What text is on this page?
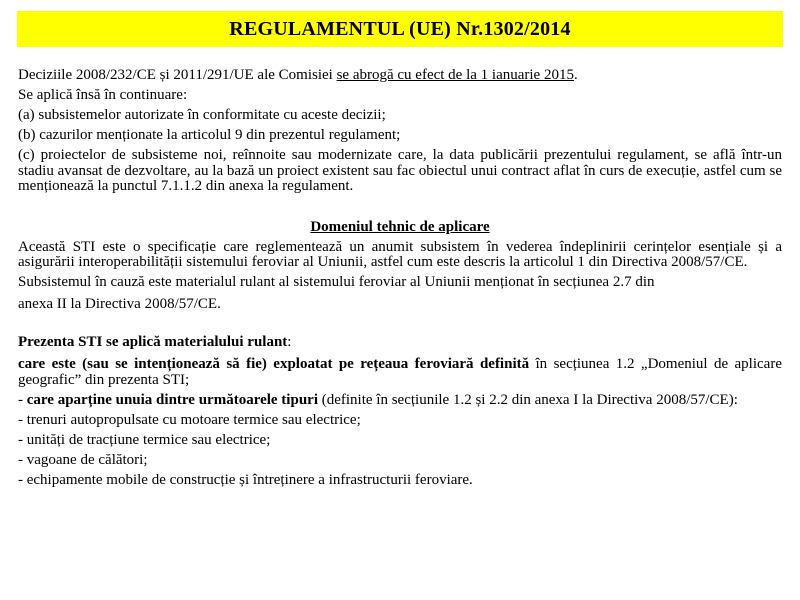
REGULAMENTUL (UE) Nr.1302/2014

Deciziile 2008/232/CE și 2011/291/UE ale Comisiei se abrogă cu efect de la 1 ianuarie 2015.

Se aplică însă în continuare:

(a) subsistemelor autorizate în conformitate cu aceste decizii;

(b) cazurilor menționate la articolul 9 din prezentul regulament;

(c) proiectelor de subsisteme noi, reînnoite sau modernizate care, la data publicării prezentului regulament, se află într-un stadiu avansat de dezvoltare, au la bază un proiect existent sau fac obiectul unui contract aflat în curs de execuție, astfel cum se menționează la punctul 7.1.1.2 din anexa la regulament.

Domeniul tehnic de aplicare

Această STI este o specificație care reglementează un anumit subsistem în vederea îndeplinirii cerințelor esențiale și a asigurării interoperabilității sistemului feroviar al Uniunii, astfel cum este descris la articolul 1 din Directiva 2008/57/CE.

Subsistemul în cauză este materialul rulant al sistemului feroviar al Uniunii menționat în secțiunea 2.7 din

anexa II la Directiva 2008/57/CE.

Prezenta STI se aplică materialului rulant:

care este (sau se intenționează să fie) exploatat pe rețeaua feroviară definită în secțiunea 1.2 „Domeniul de aplicare geografic” din prezenta STI;

- care aparține unuia dintre următoarele tipuri (definite în secțiunile 1.2 și 2.2 din anexa I la Directiva 2008/57/CE):

- trenuri autopropulsate cu motoare termice sau electrice;

- unități de tracțiune termice sau electrice;

- vagoane de călători;

- echipamente mobile de construcție și întreținere a infrastructurii feroviare.
